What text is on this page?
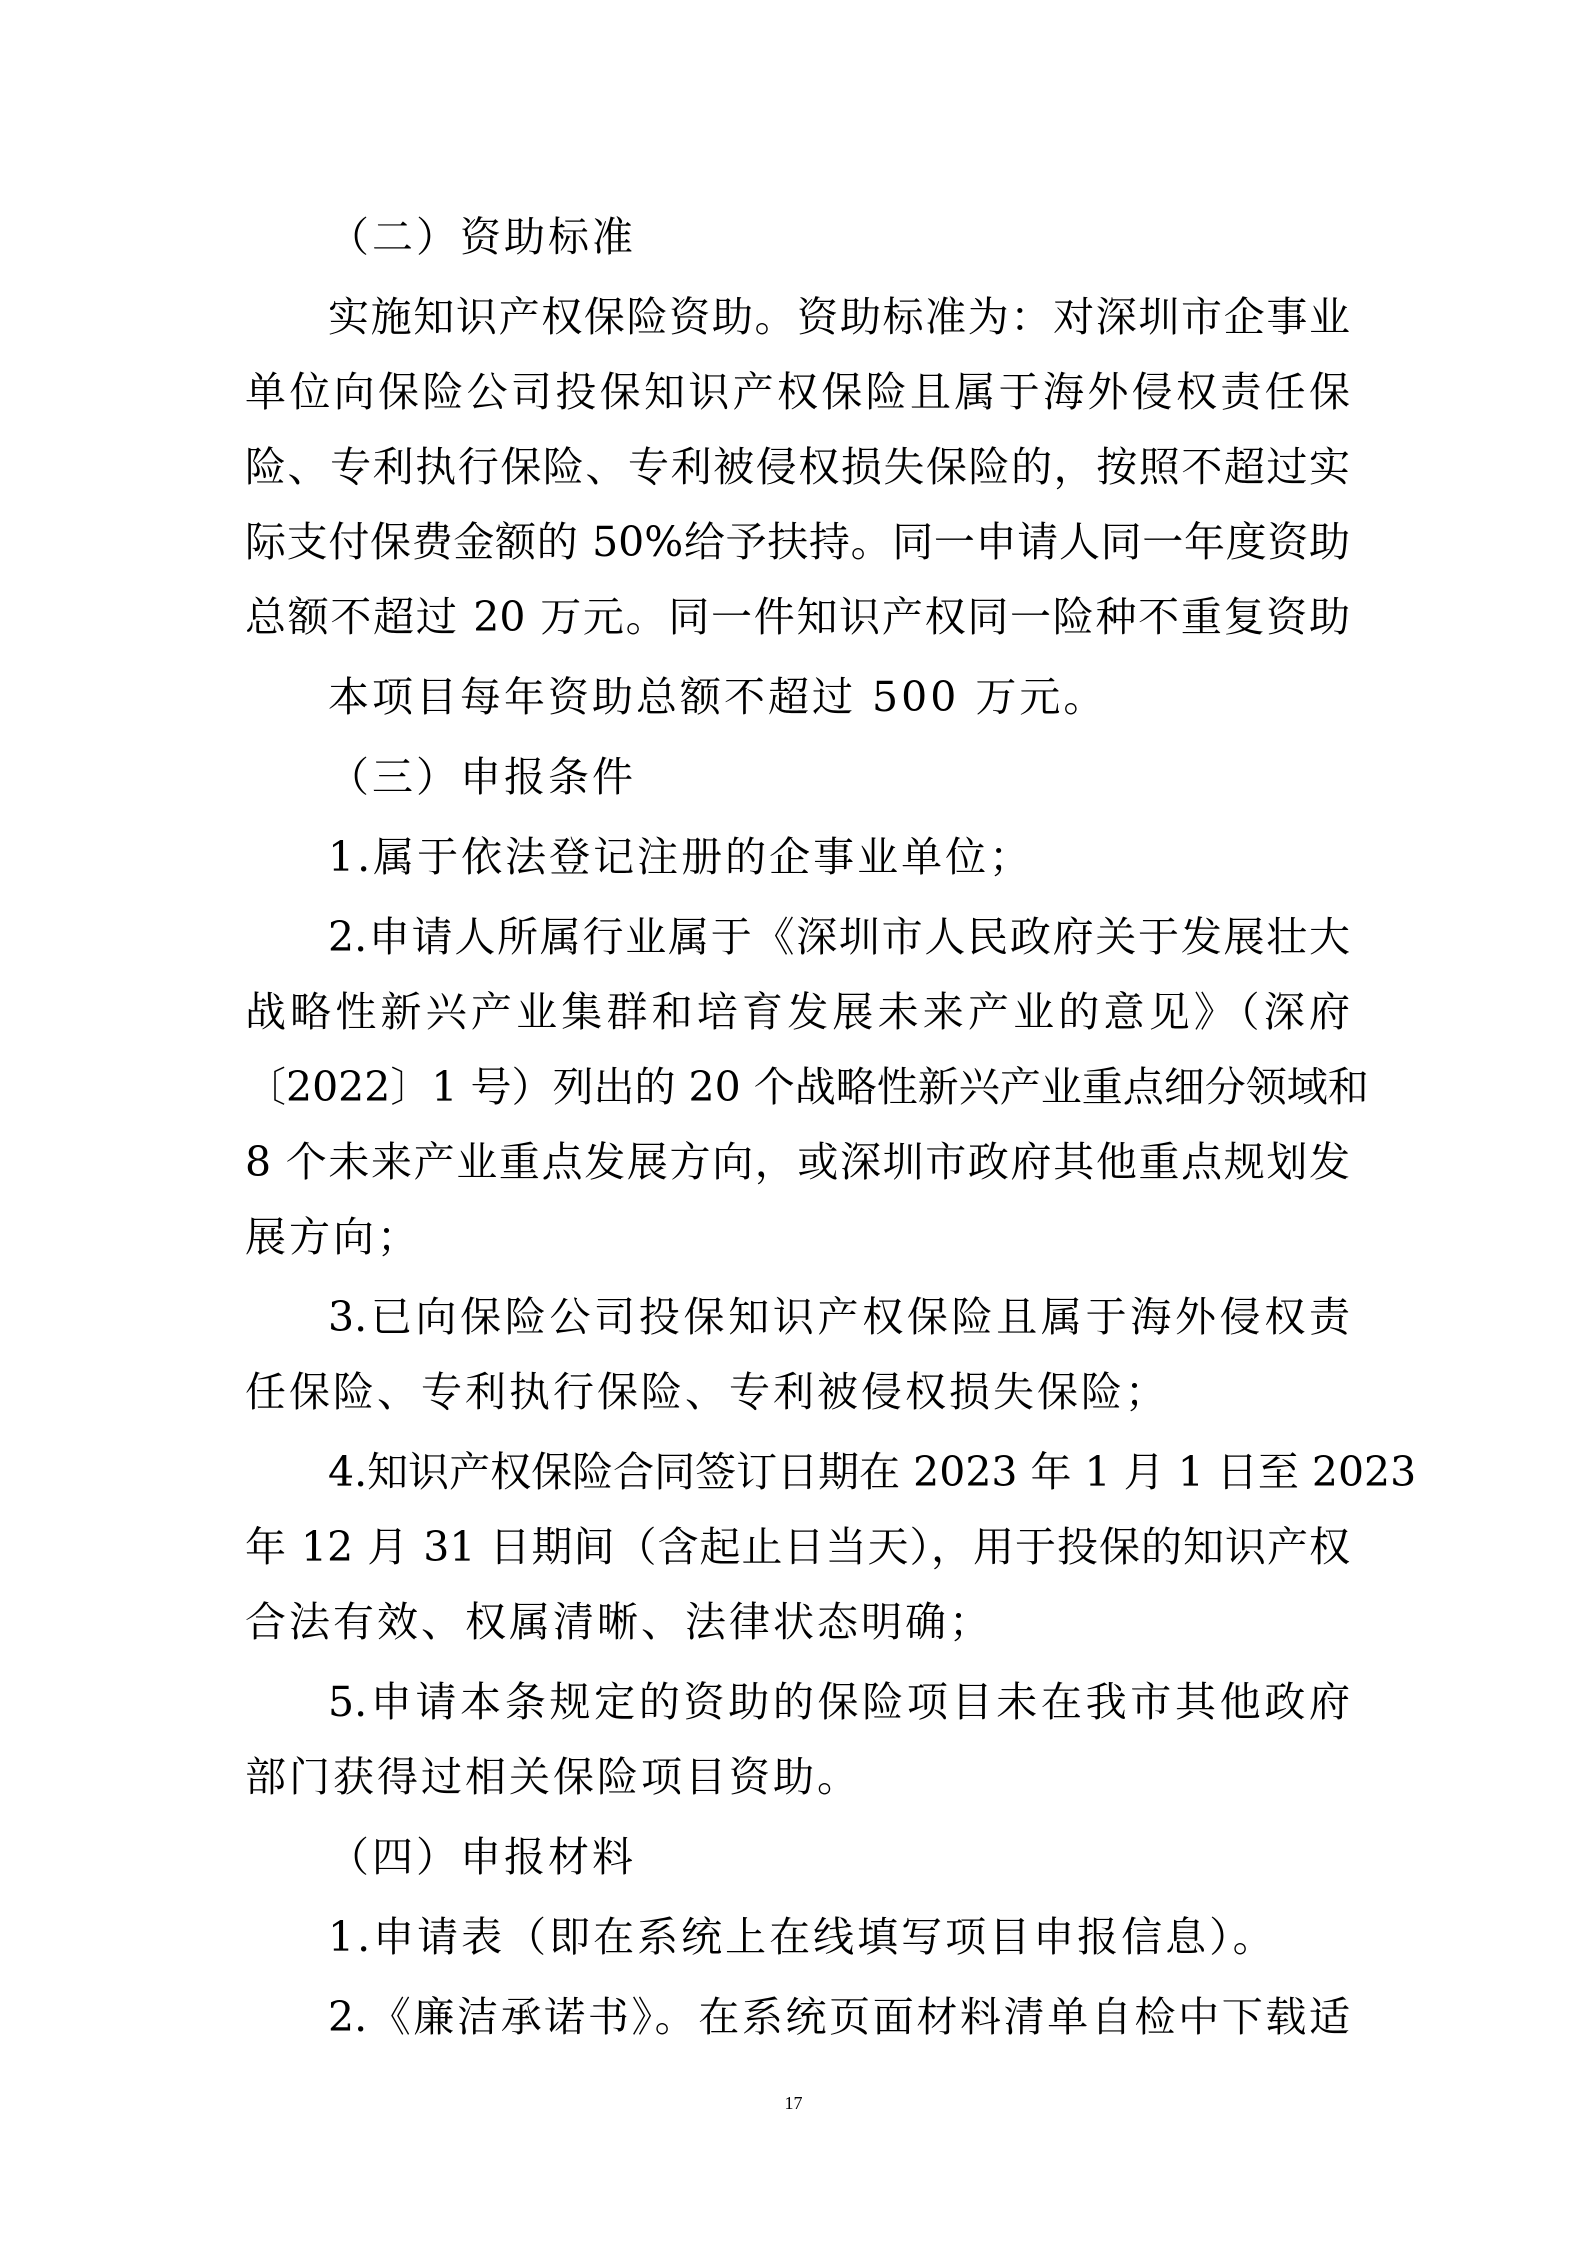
（二）资助标准
实施知识产权保险资助。资助标准为：对深圳市企事业
单位向保险公司投保知识产权保险且属于海外侵权责任保
险、专利执行保险、专利被侵权损失保险的，按照不超过实
际支付保费金额的 50%给予扶持。同一申请人同一年度资助
总额不超过 20 万元。同一件知识产权同一险种不重复资助
本项目每年资助总额不超过 500 万元。
（三）申报条件
1.属于依法登记注册的企事业单位；
2.申请人所属行业属于《深圳市人民政府关于发展壮大
战略性新兴产业集群和培育发展未来产业的意见》（深府
〔2022〕1 号）列出的 20 个战略性新兴产业重点细分领域和
8 个未来产业重点发展方向，或深圳市政府其他重点规划发
展方向；
3.已向保险公司投保知识产权保险且属于海外侵权责
任保险、专利执行保险、专利被侵权损失保险；
4.知识产权保险合同签订日期在 2023 年 1 月 1 日至 2023
年 12 月 31 日期间（含起止日当天），用于投保的知识产权
合法有效、权属清晰、法律状态明确；
5.申请本条规定的资助的保险项目未在我市其他政府
部门获得过相关保险项目资助。
（四）申报材料
1.申请表（即在系统上在线填写项目申报信息）。
2.《廉洁承诺书》。在系统页面材料清单自检中下载适
17
